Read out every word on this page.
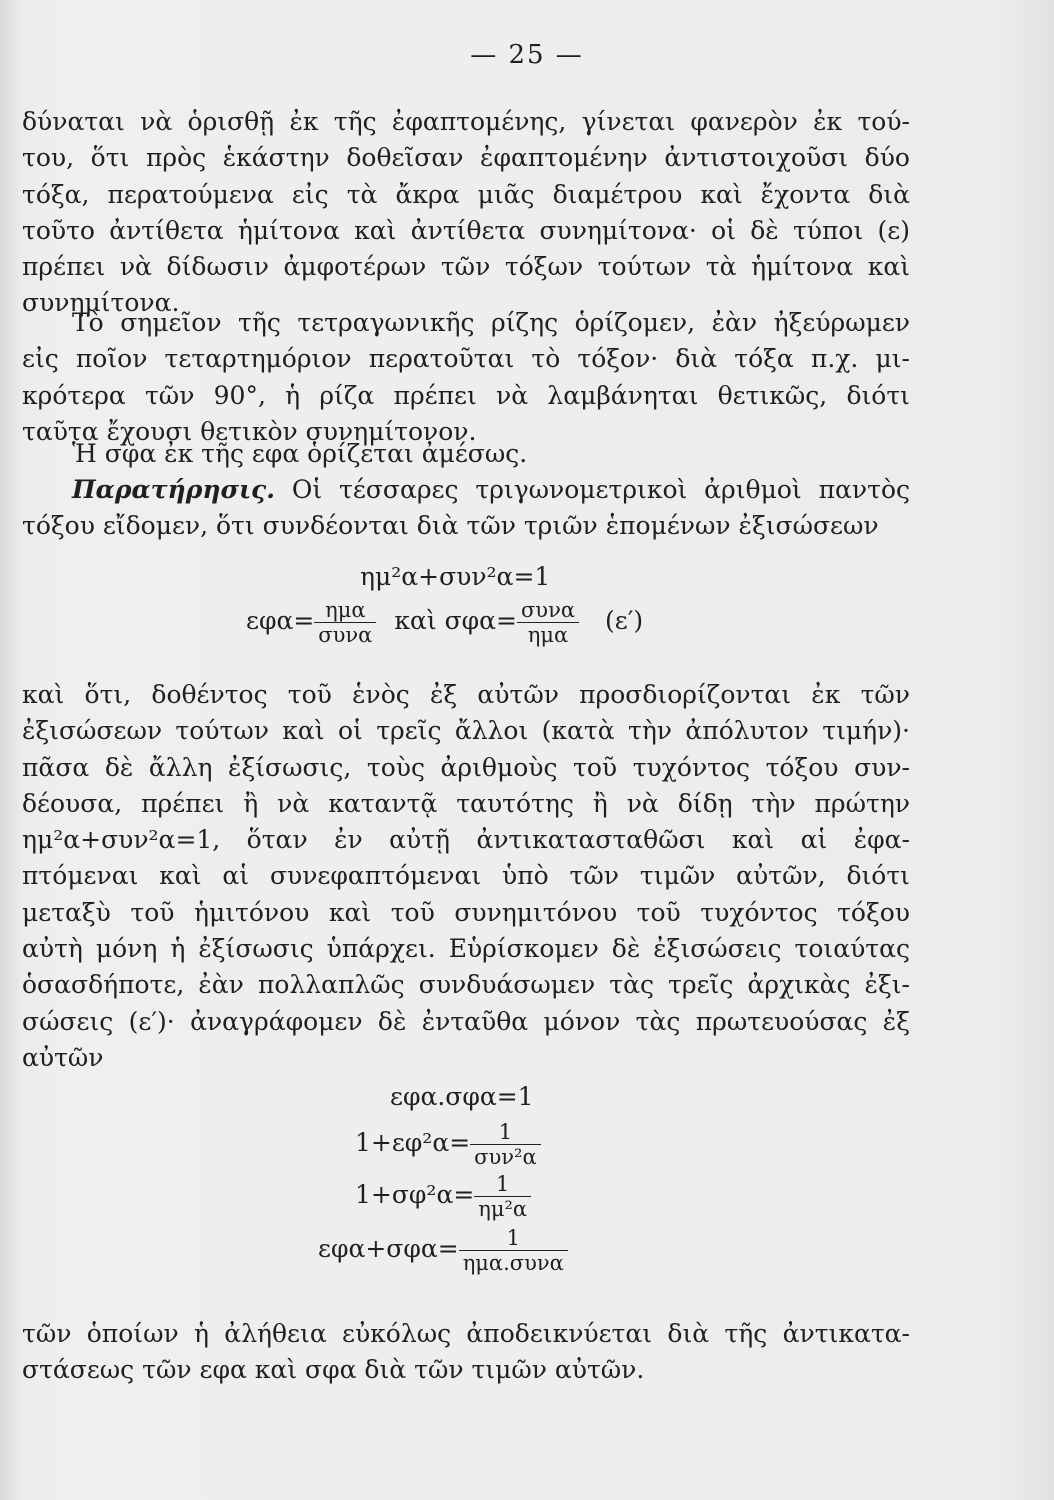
— 25 —
δύναται νὰ ὁρισθῇ ἐκ τῆς ἐφαπτομένης, γίνεται φανερὸν ἐκ τού-
του, ὅτι πρὸς ἑκάστην δοθεῖσαν ἐφαπτομένην ἀντιστοιχοῦσι δύο
τόξα, περατούμενα εἰς τὰ ἄκρα μιᾶς διαμέτρου καὶ ἔχοντα διὰ
τοῦτο ἀντίθετα ἡμίτονα καὶ ἀντίθετα συνημίτονα· οἱ δὲ τύποι (ε)
πρέπει νὰ δίδωσιν ἀμφοτέρων τῶν τόξων τούτων τὰ ἡμίτονα καὶ
συνημίτονα.
Τὸ σημεῖον τῆς τετραγωνικῆς ρίζης ὁρίζομεν, ἐὰν ἠξεύρωμεν
εἰς ποῖον τεταρτημόριον περατοῦται τὸ τόξον· διὰ τόξα π.χ. μι-
κρότερα τῶν 90°, ἡ ρίζα πρέπει νὰ λαμβάνηται θετικῶς, διότι
ταῦτα ἔχουσι θετικὸν συνημίτονον.
Ἡ σφα ἐκ τῆς εφα ὁρίζεται ἀμέσως.
Παρατήρησις. Οἱ τέσσαρες τριγωνομετρικοὶ ἀριθμοὶ παντὸς
τόξου εἴδομεν, ὅτι συνδέονται διὰ τῶν τριῶν ἑπομένων ἐξισώσεων
ημ²α+συν²α=1
$\varepsilon\varphi\alpha= \frac{\text{ημα}}{\text{συνα}}$ καὶ $\sigma\varphi\alpha= \frac{\text{συνα}}{\text{ημα}} (\varepsilon')$
καὶ ὅτι, δοθέντος τοῦ ἑνὸς ἐξ αὐτῶν προσδιορίζονται ἐκ τῶν
ἐξισώσεων τούτων καὶ οἱ τρεῖς ἄλλοι (κατὰ τὴν ἀπόλυτον τιμήν)·
πᾶσα δὲ ἄλλη ἐξίσωσις, τοὺς ἀριθμοὺς τοῦ τυχόντος τόξου συν-
δέουσα, πρέπει ἢ νὰ καταντᾷ ταυτότης ἢ νὰ δίδῃ τὴν πρώτην
ημ²α+συν²α=1, ὅταν ἐν αὐτῇ ἀντικατασταθῶσι καὶ αἱ ἐφα-
πτόμεναι καὶ αἱ συνεφαπτόμεναι ὑπὸ τῶν τιμῶν αὐτῶν, διότι
μεταξὺ τοῦ ἡμιτόνου καὶ τοῦ συνημιτόνου τοῦ τυχόντος τόξου
αὐτὴ μόνη ἡ ἐξίσωσις ὑπάρχει. Εὑρίσκομεν δὲ ἐξισώσεις τοιαύτας
ὁσασδήποτε, ἐὰν πολλαπλῶς συνδυάσωμεν τὰς τρεῖς ἀρχικὰς ἐξι-
σώσεις (ε′)· ἀναγράφομεν δὲ ἐνταῦθα μόνον τὰς πρωτευούσας ἐξ
αὐτῶν
εφα.σφα=1
$1+\varepsilon\varphi^2\alpha= \frac{1}{\text{συν²α}}$
$1+\sigma\varphi^2\alpha= \frac{1}{\text{ημ²α}}$
$\varepsilon\varphi\alpha+\sigma\varphi\alpha= \frac{1}{\text{ημα.συνα}}$
τῶν ὁποίων ἡ ἀλήθεια εὐκόλως ἀποδεικνύεται διὰ τῆς ἀντικατα-
στάσεως τῶν εφα καὶ σφα διὰ τῶν τιμῶν αὐτῶν.
